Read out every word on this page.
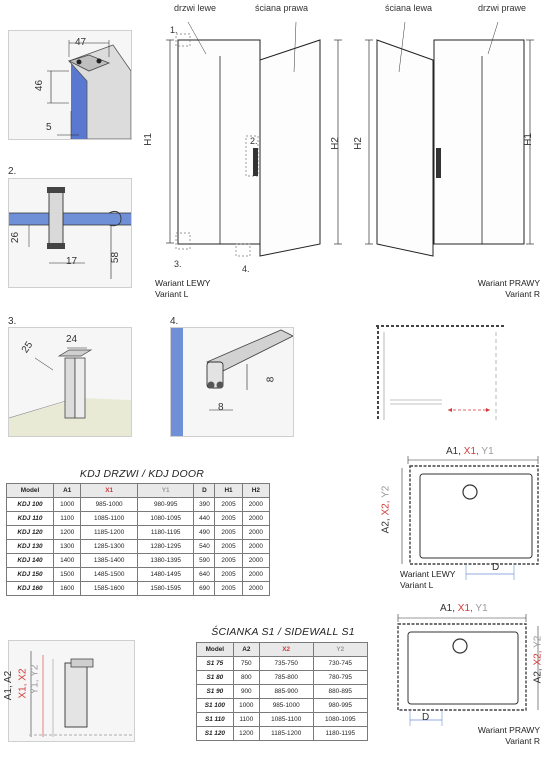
47
46
5
2.
26
17	58
drzwi lewe	ściana prawa
H1	H2
1.
2.
3.	4.
Wariant LEWY
Variant L
ściana lewa	drzwi prawe
H2	H1
Wariant PRAWY
Variant R
3.
25
24
4.
8
8
KDJ DRZWI / KDJ DOOR
Model	A1	X1	Y1	D	H1	H2
KDJ 100	1000	985-1000	980-995	390	2005	2000
KDJ 110	1100	1085-1100	1080-1095	440	2005	2000
KDJ 120	1200	1185-1200	1180-1195	490	2005	2000
KDJ 130	1300	1285-1300	1280-1295	540	2005	2000
KDJ 140	1400	1385-1400	1380-1395	590	2005	2000
KDJ 150	1500	1485-1500	1480-1495	640	2005	2000
KDJ 160	1600	1585-1600	1580-1595	690	2005	2000
ŚCIANKA S1 / SIDEWALL S1
Model	A2	X2	Y2
S1 75	750	735-750	730-745
S1 80	800	785-800	780-795
S1 90	900	885-900	880-895
S1 100	1000	985-1000	980-995
S1 110	1100	1085-1100	1080-1095
S1 120	1200	1185-1200	1180-1195
A1, X1, Y1
A2, X2, Y2
D
Wariant LEWY
Variant L
A1, X1, Y1
A2, X2, Y2
D
Wariant PRAWY
Variant R
A1, A2 X1, X2 Y1, Y2
